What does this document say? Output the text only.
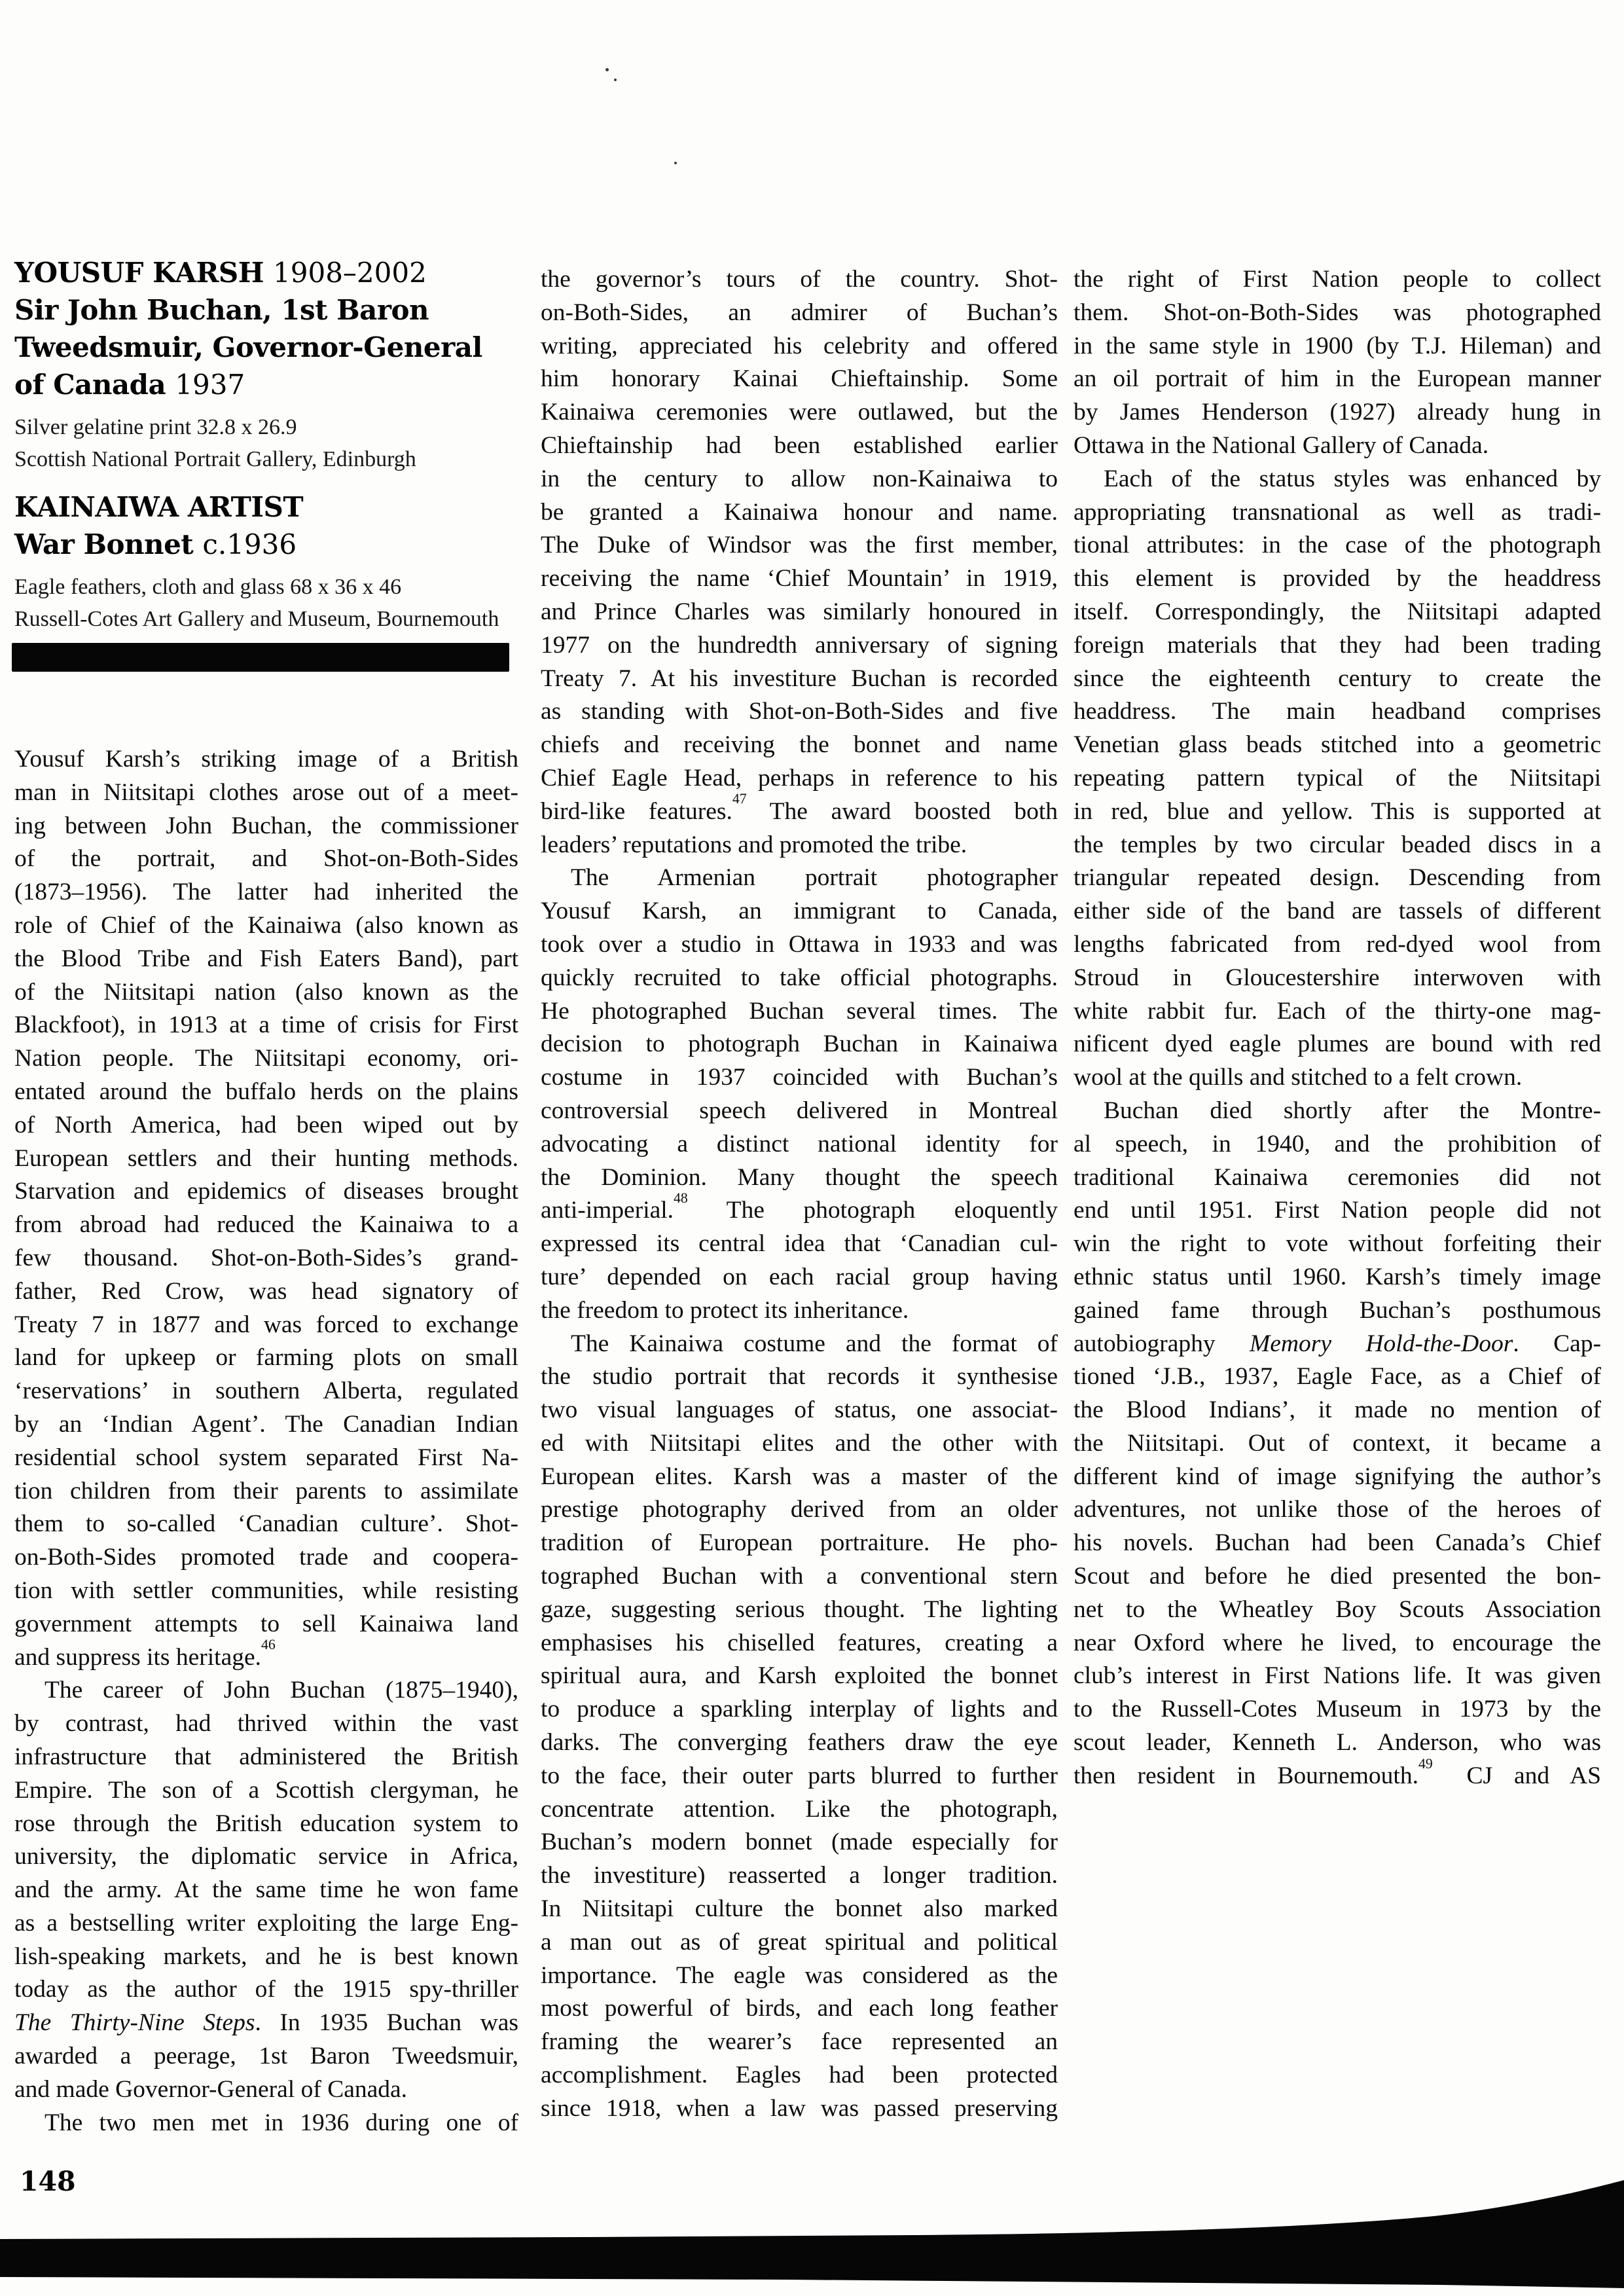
YOUSUF KARSH 1908–2002
Sir John Buchan, 1st Baron
Tweedsmuir, Governor-General
of Canada 1937
Silver gelatine print 32.8 x 26.9
Scottish National Portrait Gallery, Edinburgh
KAINAIWA ARTIST
War Bonnet c.1936
Eagle feathers, cloth and glass 68 x 36 x 46
Russell-Cotes Art Gallery and Museum, Bournemouth
Yousuf Karsh’s striking image of a British
man in Niitsitapi clothes arose out of a meet-
ing between John Buchan, the commissioner
of the portrait, and Shot-on-Both-Sides
(1873–1956). The latter had inherited the
role of Chief of the Kainaiwa (also known as
the Blood Tribe and Fish Eaters Band), part
of the Niitsitapi nation (also known as the
Blackfoot), in 1913 at a time of crisis for First
Nation people. The Niitsitapi economy, ori-
entated around the buffalo herds on the plains
of North America, had been wiped out by
European settlers and their hunting methods.
Starvation and epidemics of diseases brought
from abroad had reduced the Kainaiwa to a
few thousand. Shot-on-Both-Sides’s grand-
father, Red Crow, was head signatory of
Treaty 7 in 1877 and was forced to exchange
land for upkeep or farming plots on small
‘reservations’ in southern Alberta, regulated
by an ‘Indian Agent’. The Canadian Indian
residential school system separated First Na-
tion children from their parents to assimilate
them to so-called ‘Canadian culture’. Shot-
on-Both-Sides promoted trade and coopera-
tion with settler communities, while resisting
government attempts to sell Kainaiwa land
and suppress its heritage.$^{46}$
The career of John Buchan (1875–1940),
by contrast, had thrived within the vast
infrastructure that administered the British
Empire. The son of a Scottish clergyman, he
rose through the British education system to
university, the diplomatic service in Africa,
and the army. At the same time he won fame
as a bestselling writer exploiting the large Eng-
lish-speaking markets, and he is best known
today as the author of the 1915 spy-thriller
The Thirty-Nine Steps. In 1935 Buchan was
awarded a peerage, 1st Baron Tweedsmuir,
and made Governor-General of Canada.
The two men met in 1936 during one of
the governor’s tours of the country. Shot-
on-Both-Sides, an admirer of Buchan’s
writing, appreciated his celebrity and offered
him honorary Kainai Chieftainship. Some
Kainaiwa ceremonies were outlawed, but the
Chieftainship had been established earlier
in the century to allow non-Kainaiwa to
be granted a Kainaiwa honour and name.
The Duke of Windsor was the first member,
receiving the name ‘Chief Mountain’ in 1919,
and Prince Charles was similarly honoured in
1977 on the hundredth anniversary of signing
Treaty 7. At his investiture Buchan is recorded
as standing with Shot-on-Both-Sides and five
chiefs and receiving the bonnet and name
Chief Eagle Head, perhaps in reference to his
bird-like features.$^{47}$ The award boosted both
leaders’ reputations and promoted the tribe.
The Armenian portrait photographer
Yousuf Karsh, an immigrant to Canada,
took over a studio in Ottawa in 1933 and was
quickly recruited to take official photographs.
He photographed Buchan several times. The
decision to photograph Buchan in Kainaiwa
costume in 1937 coincided with Buchan’s
controversial speech delivered in Montreal
advocating a distinct national identity for
the Dominion. Many thought the speech
anti-imperial.$^{48}$ The photograph eloquently
expressed its central idea that ‘Canadian cul-
ture’ depended on each racial group having
the freedom to protect its inheritance.
The Kainaiwa costume and the format of
the studio portrait that records it synthesise
two visual languages of status, one associat-
ed with Niitsitapi elites and the other with
European elites. Karsh was a master of the
prestige photography derived from an older
tradition of European portraiture. He pho-
tographed Buchan with a conventional stern
gaze, suggesting serious thought. The lighting
emphasises his chiselled features, creating a
spiritual aura, and Karsh exploited the bonnet
to produce a sparkling interplay of lights and
darks. The converging feathers draw the eye
to the face, their outer parts blurred to further
concentrate attention. Like the photograph,
Buchan’s modern bonnet (made especially for
the investiture) reasserted a longer tradition.
In Niitsitapi culture the bonnet also marked
a man out as of great spiritual and political
importance. The eagle was considered as the
most powerful of birds, and each long feather
framing the wearer’s face represented an
accomplishment. Eagles had been protected
since 1918, when a law was passed preserving
the right of First Nation people to collect
them. Shot-on-Both-Sides was photographed
in the same style in 1900 (by T.J. Hileman) and
an oil portrait of him in the European manner
by James Henderson (1927) already hung in
Ottawa in the National Gallery of Canada.
Each of the status styles was enhanced by
appropriating transnational as well as tradi-
tional attributes: in the case of the photograph
this element is provided by the headdress
itself. Correspondingly, the Niitsitapi adapted
foreign materials that they had been trading
since the eighteenth century to create the
headdress. The main headband comprises
Venetian glass beads stitched into a geometric
repeating pattern typical of the Niitsitapi
in red, blue and yellow. This is supported at
the temples by two circular beaded discs in a
triangular repeated design. Descending from
either side of the band are tassels of different
lengths fabricated from red-dyed wool from
Stroud in Gloucestershire interwoven with
white rabbit fur. Each of the thirty-one mag-
nificent dyed eagle plumes are bound with red
wool at the quills and stitched to a felt crown.
Buchan died shortly after the Montre-
al speech, in 1940, and the prohibition of
traditional Kainaiwa ceremonies did not
end until 1951. First Nation people did not
win the right to vote without forfeiting their
ethnic status until 1960. Karsh’s timely image
gained fame through Buchan’s posthumous
autobiography Memory Hold-the-Door. Cap-
tioned ‘J.B., 1937, Eagle Face, as a Chief of
the Blood Indians’, it made no mention of
the Niitsitapi. Out of context, it became a
different kind of image signifying the author’s
adventures, not unlike those of the heroes of
his novels. Buchan had been Canada’s Chief
Scout and before he died presented the bon-
net to the Wheatley Boy Scouts Association
near Oxford where he lived, to encourage the
club’s interest in First Nations life. It was given
to the Russell-Cotes Museum in 1973 by the
scout leader, Kenneth L. Anderson, who was
then resident in Bournemouth.$^{49}$  CJ and AS
148
